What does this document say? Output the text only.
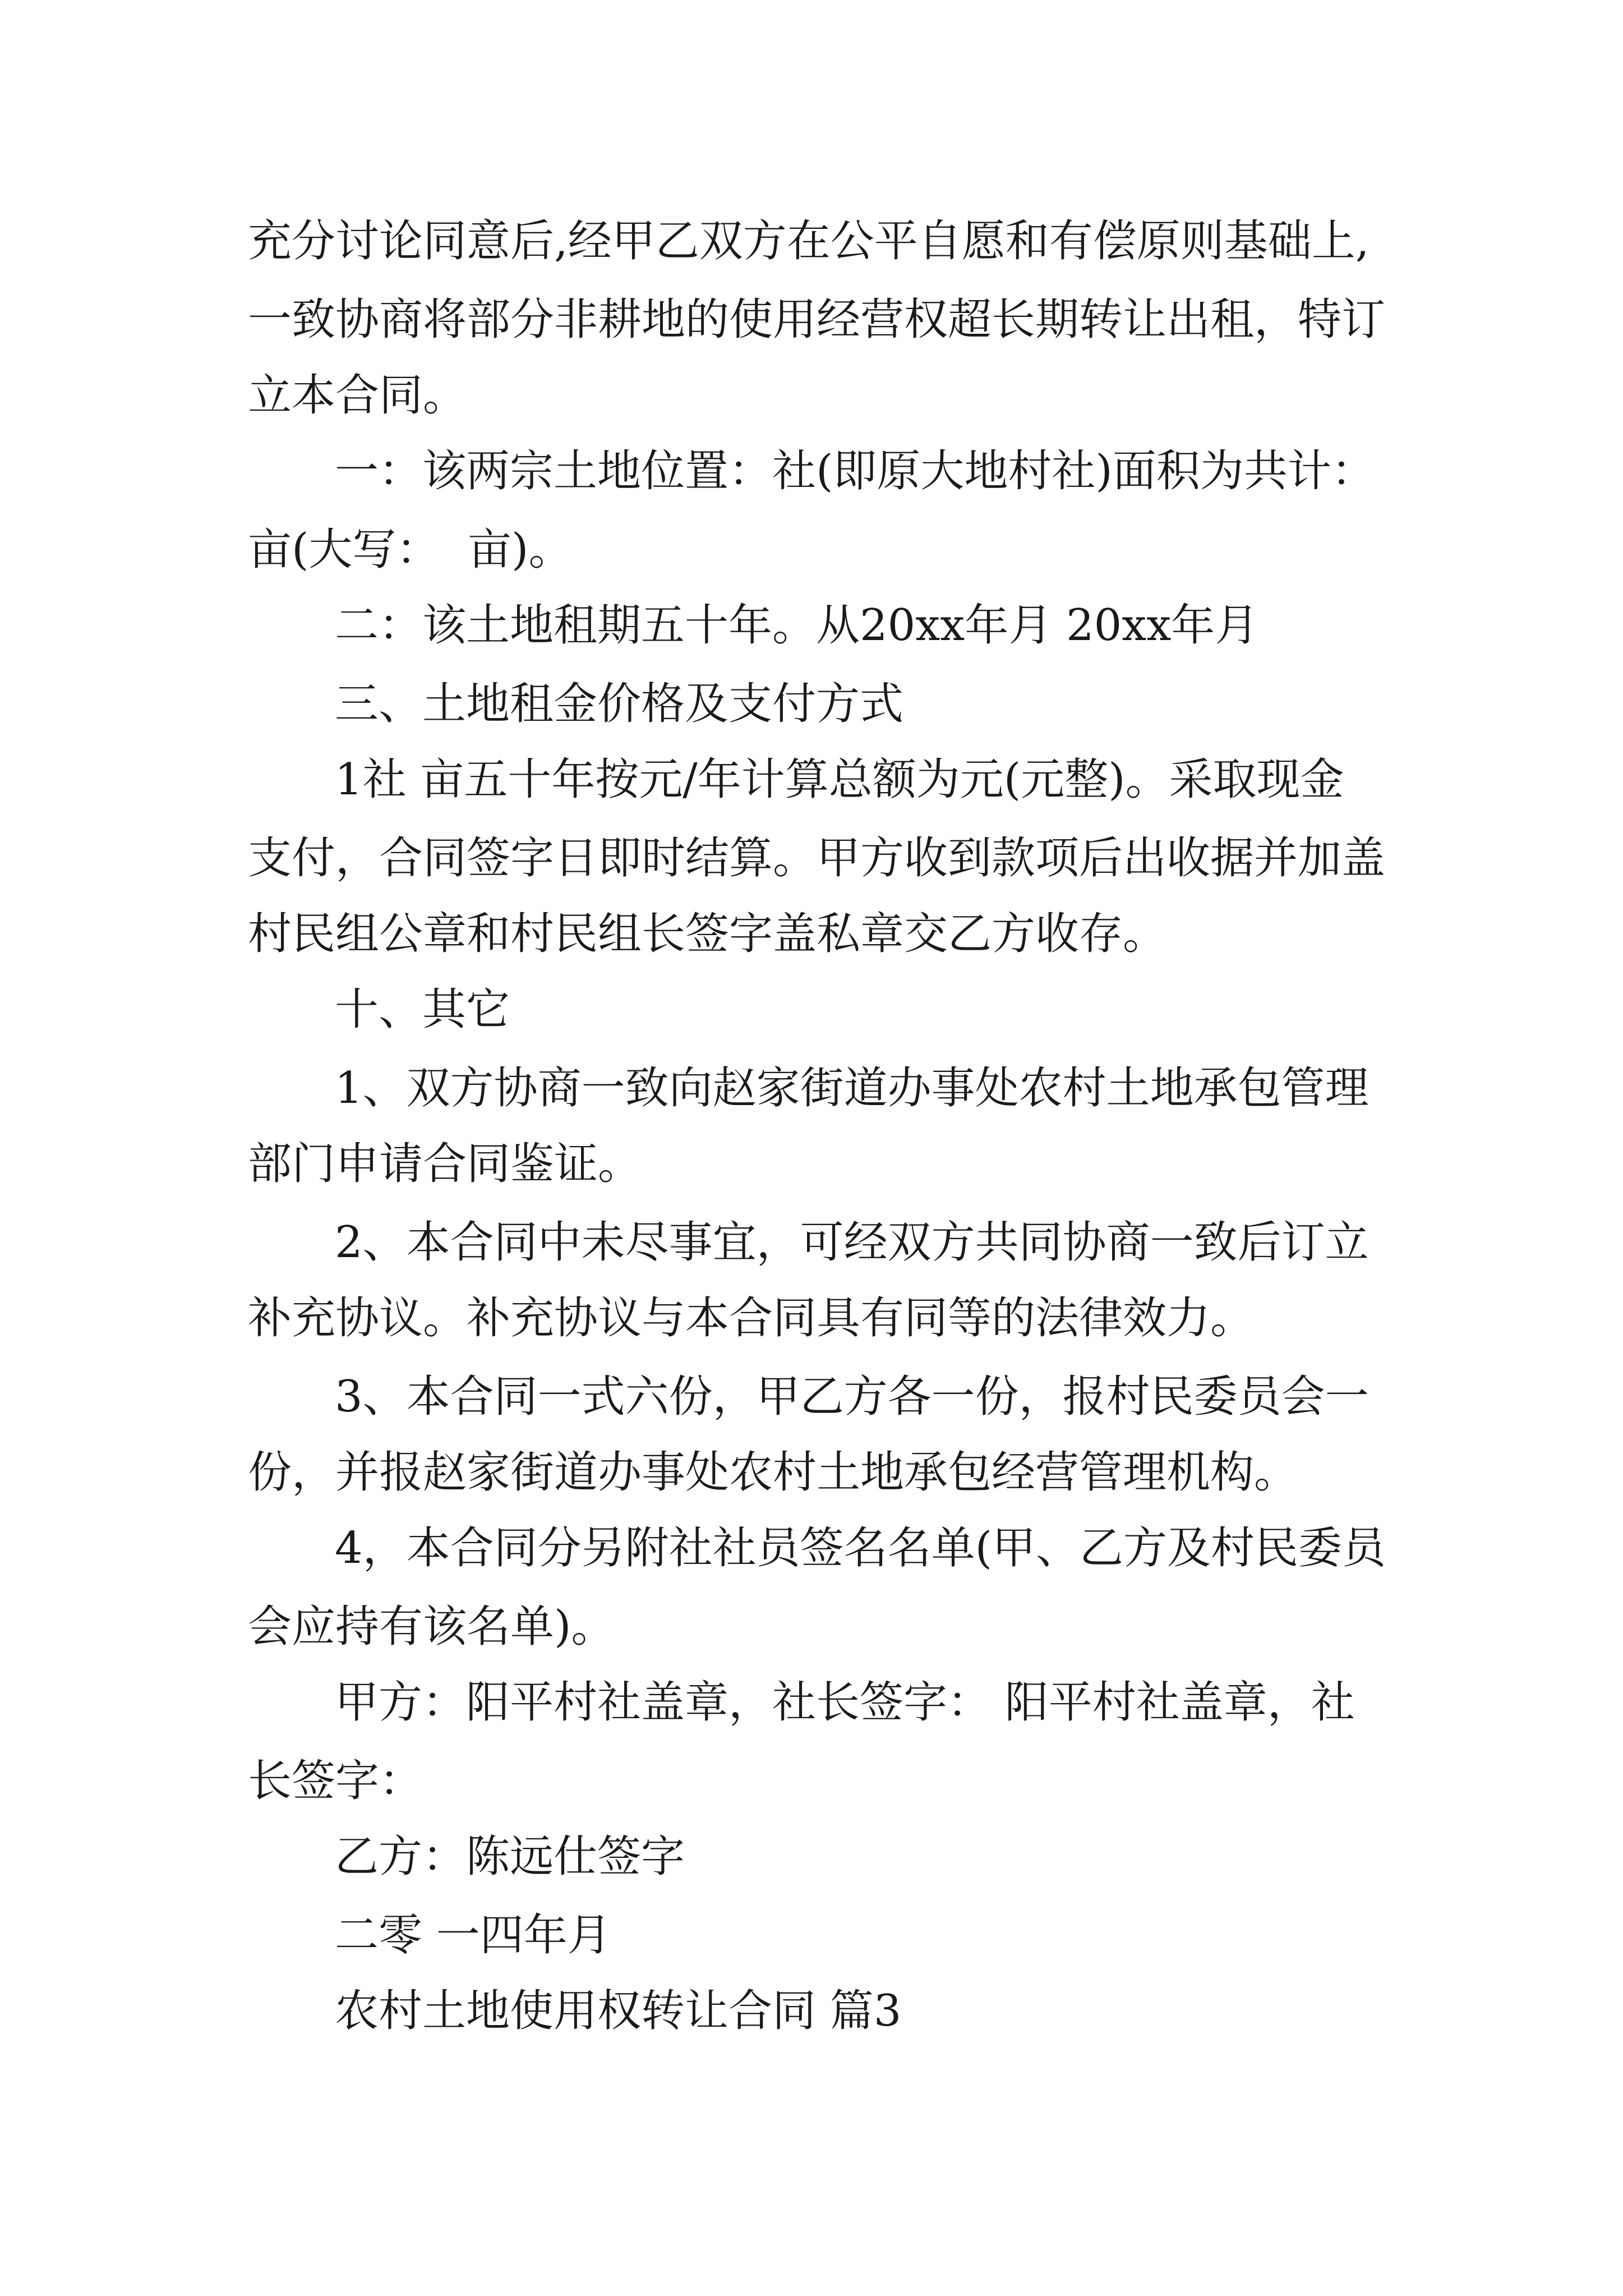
充分讨论同意后,经甲乙双方在公平自愿和有偿原则基础上,
一致协商将部分非耕地的使用经营权超长期转让出租，特订
立本合同。
一：该两宗土地位置：社(即原大地村社)面积为共计：
亩(大写：  亩)。
二：该土地租期五十年。从20xx年月 20xx年月
三、土地租金价格及支付方式
1社 亩五十年按元/年计算总额为元(元整)。采取现金
支付，合同签字日即时结算。甲方收到款项后出收据并加盖
村民组公章和村民组长签字盖私章交乙方收存。
十、其它
1、双方协商一致向赵家街道办事处农村土地承包管理
部门申请合同鉴证。
2、本合同中未尽事宜，可经双方共同协商一致后订立
补充协议。补充协议与本合同具有同等的法律效力。
3、本合同一式六份，甲乙方各一份，报村民委员会一
份，并报赵家街道办事处农村土地承包经营管理机构。
4，本合同分另附社社员签名名单(甲、乙方及村民委员
会应持有该名单)。
甲方：阳平村社盖章，社长签字： 阳平村社盖章，社
长签字：
乙方：陈远仕签字
二零 一四年月
农村土地使用权转让合同 篇3
